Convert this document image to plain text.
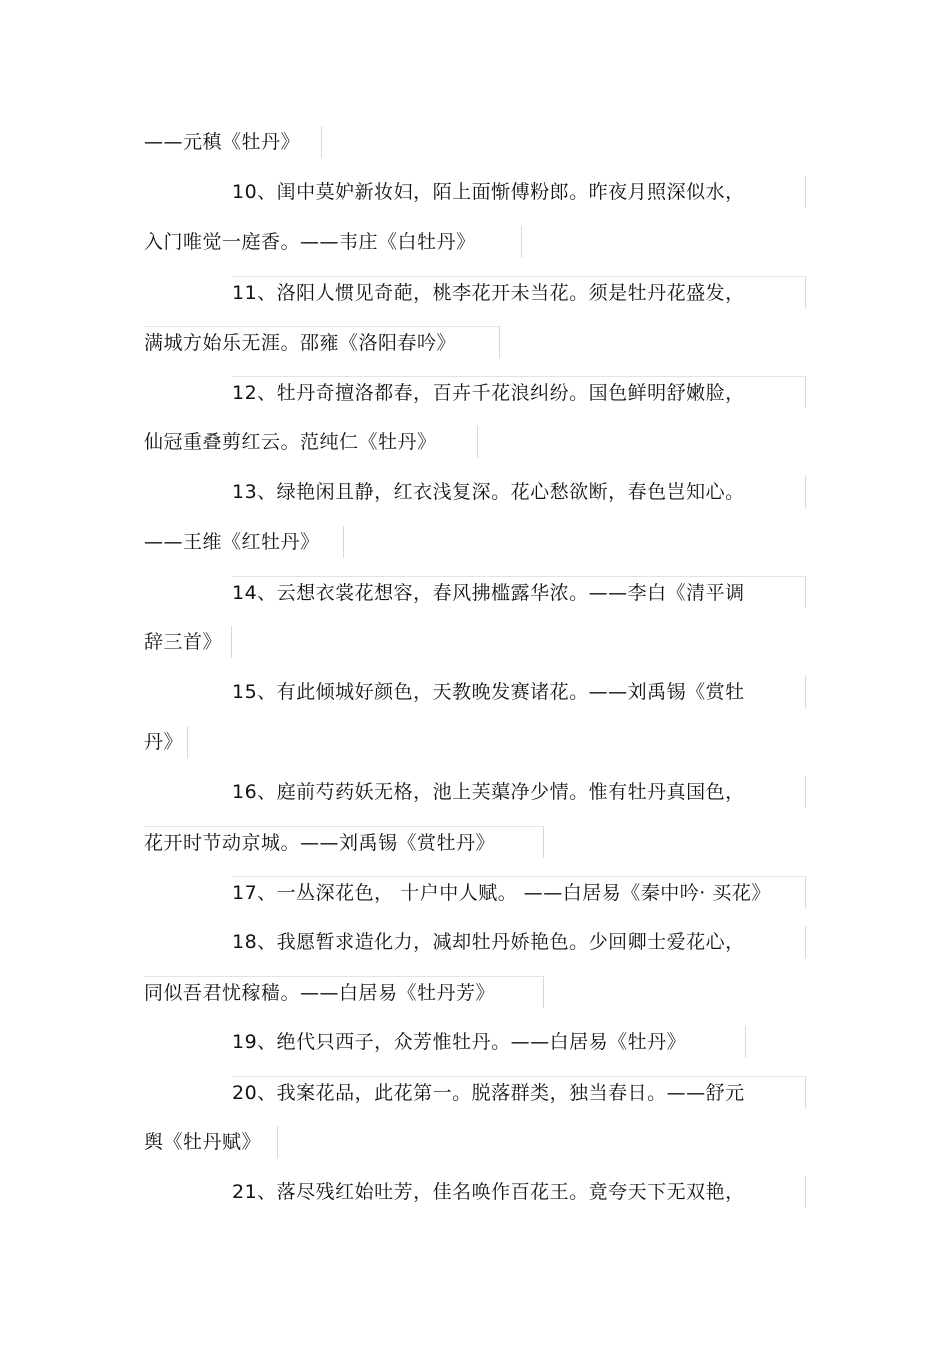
——元稹《牡丹》
10、闺中莫妒新妆妇，陌上面惭傅粉郎。昨夜月照深似水，
入门唯觉一庭香。——韦庄《白牡丹》
11、洛阳人惯见奇葩，桃李花开未当花。须是牡丹花盛发，
满城方始乐无涯。邵雍《洛阳春吟》
12、牡丹奇擅洛都春，百卉千花浪纠纷。国色鲜明舒嫩脸，
仙冠重叠剪红云。范纯仁《牡丹》
13、绿艳闲且静，红衣浅复深。花心愁欲断，春色岂知心。
——王维《红牡丹》
14、云想衣裳花想容，春风拂槛露华浓。——李白《清平调
辞三首》
15、有此倾城好颜色，天教晚发赛诸花。——刘禹锡《赏牡
丹》
16、庭前芍药妖无格，池上芙蕖净少情。惟有牡丹真国色，
花开时节动京城。——刘禹锡《赏牡丹》
17、一丛深花色， 十户中人赋。 ——白居易《秦中吟· 买花》
18、我愿暂求造化力，减却牡丹娇艳色。少回卿士爱花心，
同似吾君忧稼穑。——白居易《牡丹芳》
19、绝代只西子，众芳惟牡丹。——白居易《牡丹》
20、我案花品，此花第一。脱落群类，独当春日。——舒元
舆《牡丹赋》
21、落尽残红始吐芳，佳名唤作百花王。竟夸天下无双艳，
